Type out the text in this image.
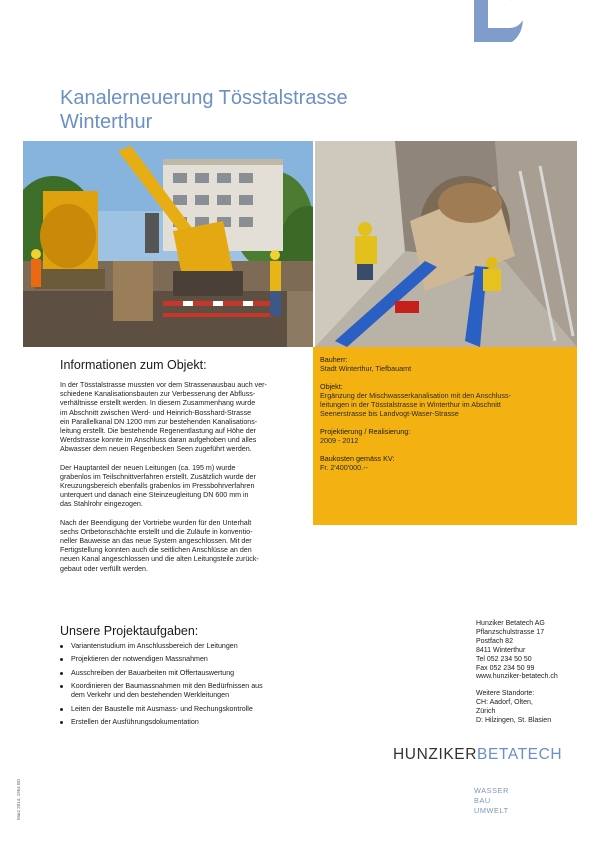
Kanalerneuerung Tösstalstrasse
Winterthur
Bauherr:
Stadt Winterthur, Tiefbauamt
Objekt:
Ergänzung der Mischwasserkanalisation mit den Anschluss-
leitungen in der Tösstalstrasse in Winterthur im Abschnitt
Seenerstrasse bis Landvogt-Waser-Strasse
Projektierung / Realisierung:
2009 - 2012
Baukosten gemäss KV:
Fr. 2'400'000.--
Informationen zum Objekt:

In der Tösstalstrasse mussten vor dem Strassenausbau auch ver-
schiedene Kanalisationsbauten zur Verbesserung der Abfluss-
verhältnisse erstellt werden. In diesem Zusammenhang wurde
im Abschnitt zwischen Werd- und Heinrich-Bosshard-Strasse
ein Parallelkanal DN 1200 mm zur bestehenden Kanalisations-
leitung erstellt. Die bestehende Regenentlastung auf Höhe der
Werdstrasse konnte im Anschluss daran aufgehoben und alles
Abwasser dem neuen Regenbecken Seen zugeführt werden.

Der Hauptanteil der neuen Leitungen (ca. 195 m) wurde
grabenlos im Teilschnittverfahren erstellt. Zusätzlich wurde der
Kreuzungsbereich ebenfalls grabenlos im Pressbohrverfahren
unterquert und danach eine Steinzeugleitung DN 600 mm in
das Stahlrohr eingezogen.

Nach der Beendigung der Vortriebe wurden für den Unterhalt
sechs Ortbetonschächte erstellt und die Zuläufe in konventio-
neller Bauweise an das neue System angeschlossen. Mit der
Fertigstellung konnten auch die seitlichen Anschlüsse an den
neuen Kanal angeschlossen und die alten Leitungsteile zurück-
gebaut oder verfüllt werden.

Unsere Projektaufgaben:
Variantenstudium im Anschlussbereich der Leitungen
Projektieren der notwendigen Massnahmen
Ausschreiben der Bauarbeiten mit Offertauswertung
Koordinieren der Baumassnahmen mit den Bedürfnissen aus
dem Verkehr und den bestehenden Werkleitungen
Leiten der Baustelle mit Ausmass- und Rechungskontrolle
Erstellen der Ausführungsdokumentation
Hunziker Betatech AG
Pflanzschulstrasse 17
Postfach 82
8411 Winterthur
Tel 052 234 50 50
Fax 052 234 50 99
www.hunziker-betatech.ch
Weitere Standorte:
CH: Aadorf, Olten,
Zürich
D: Hilzingen, St. Blasien
HUNZIKERBETATECH
WASSER
BAU
UMWELT
Marz 2014, 1954 BD
